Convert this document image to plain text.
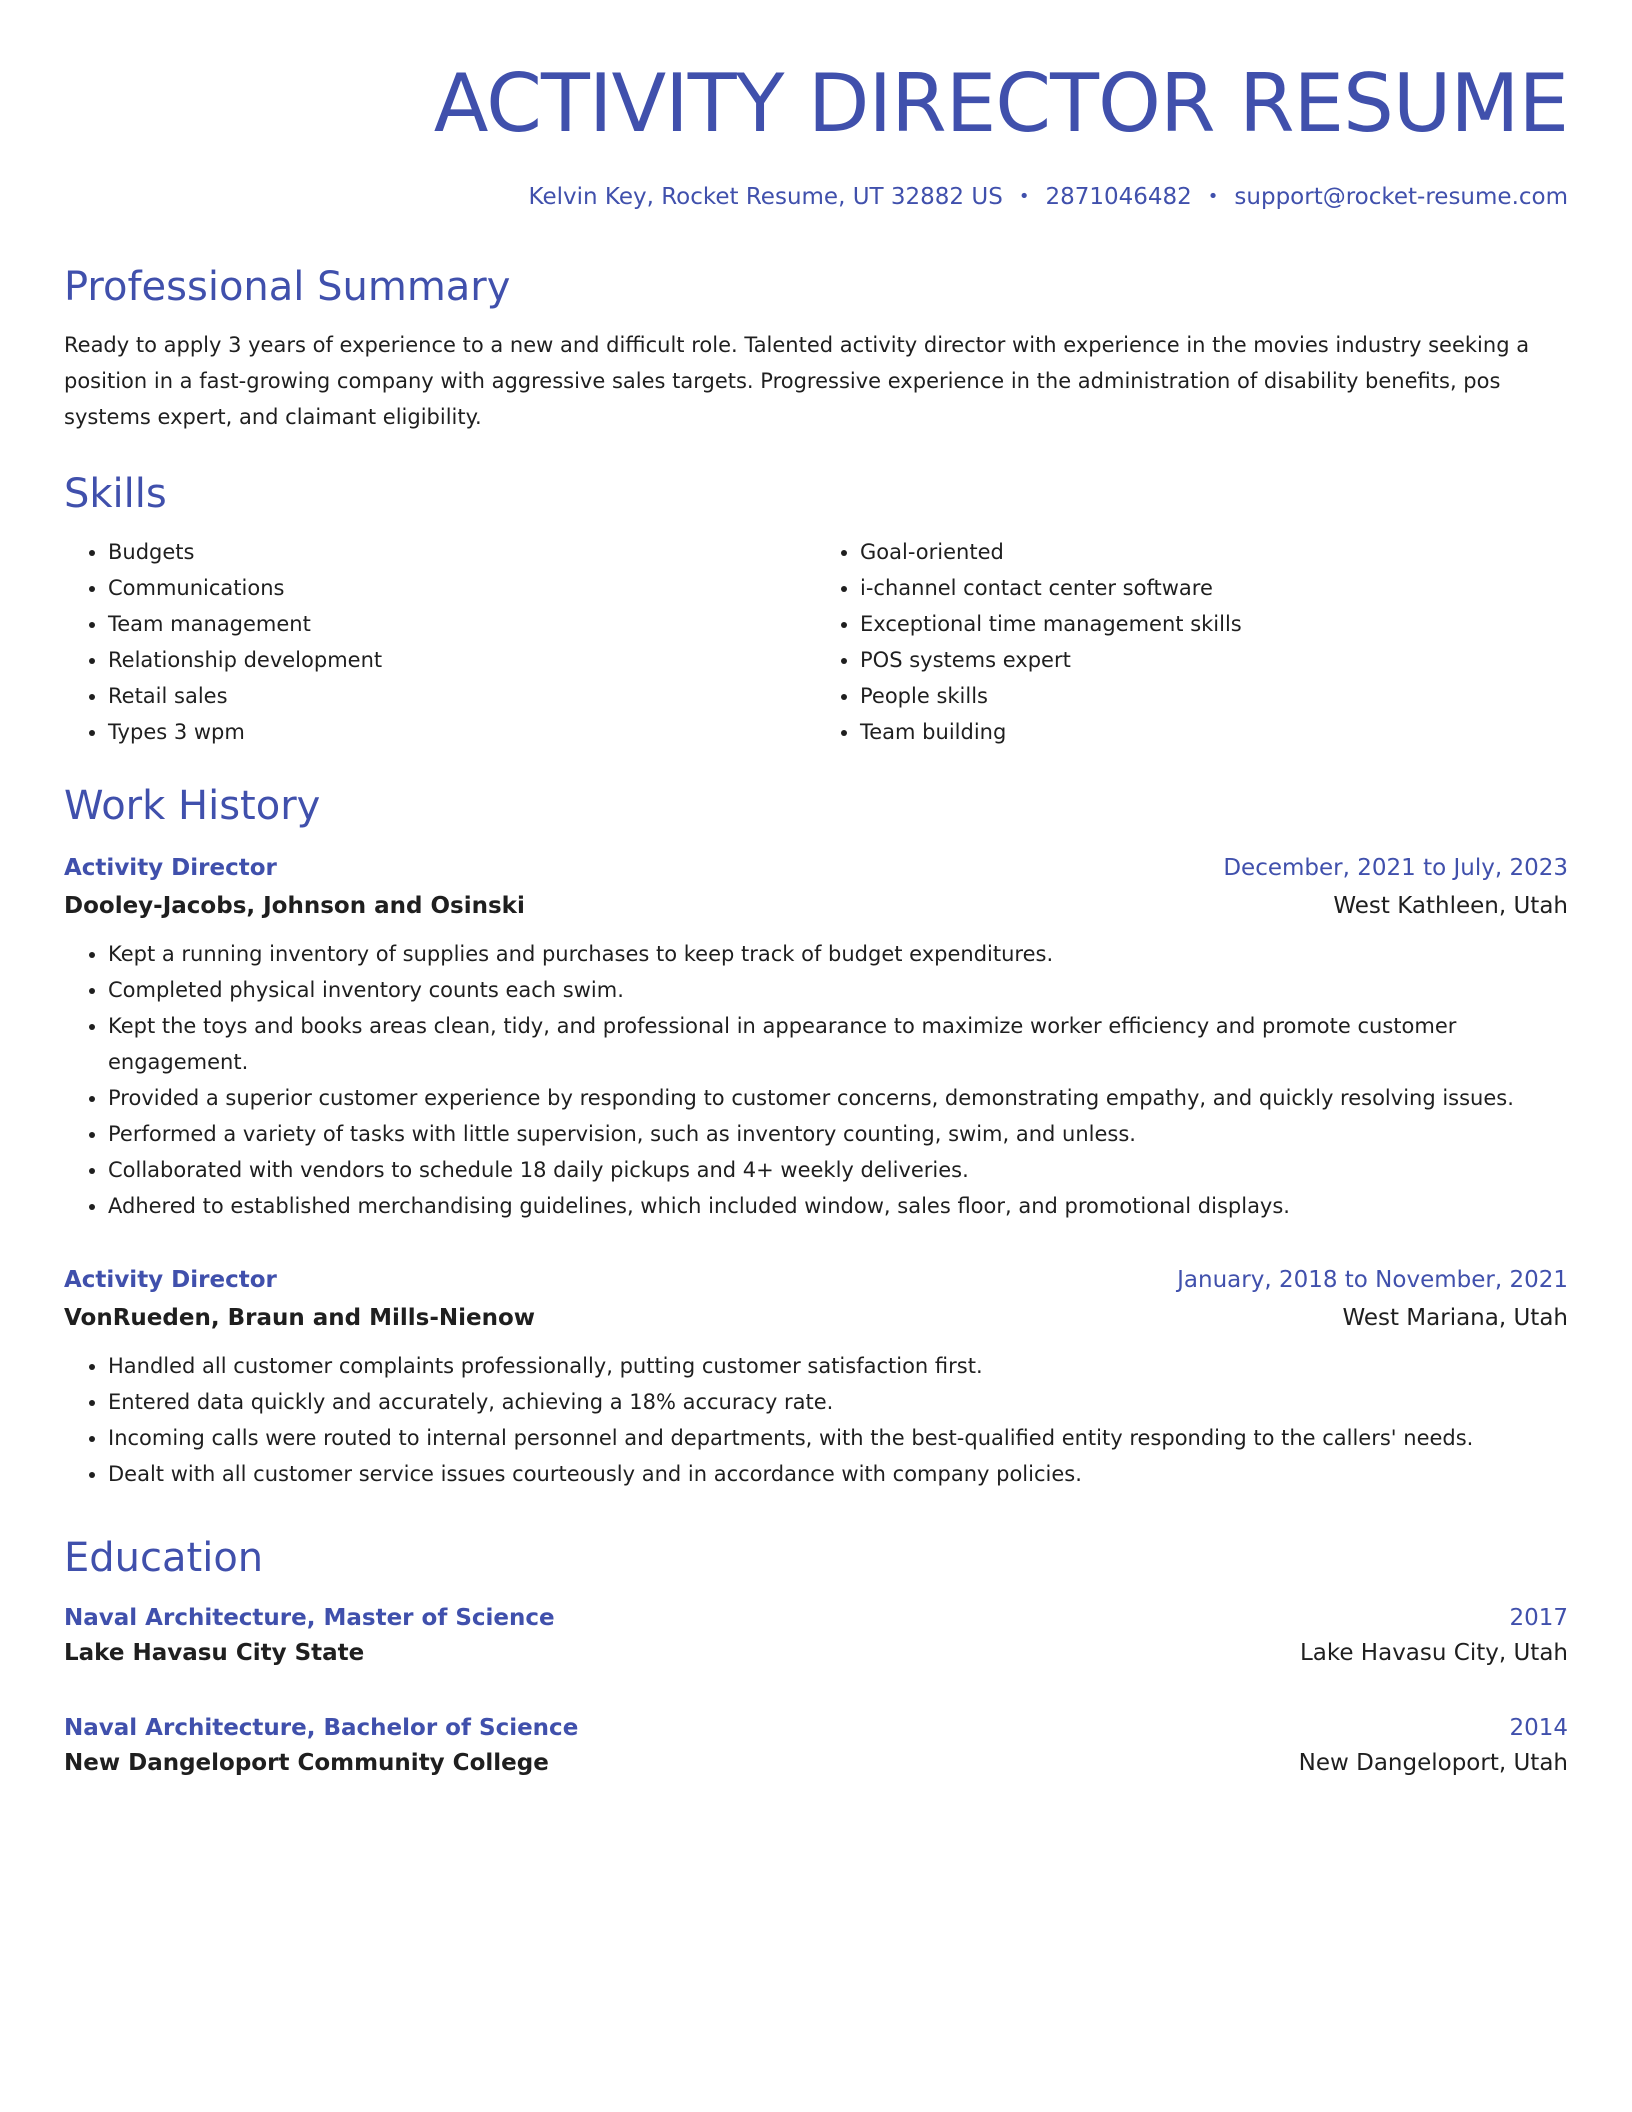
ACTIVITY DIRECTOR RESUME
Kelvin Key, Rocket Resume, UT 32882 US • 2871046482 • support@rocket-resume.com
Professional Summary

Ready to apply 3 years of experience to a new and difficult role. Talented activity director with experience in the movies industry seeking a position in a fast-growing company with aggressive sales targets. Progressive experience in the administration of disability benefits, pos systems expert, and claimant eligibility.

Skills
• Budgets
• Communications
• Team management
• Relationship development
• Retail sales
• Types 3 wpm
• Goal-oriented
• i-channel contact center software
• Exceptional time management skills
• POS systems expert
• People skills
• Team building
Work History
Activity Director	December, 2021 to July, 2023
Dooley-Jacobs, Johnson and Osinski	West Kathleen, Utah
• Kept a running inventory of supplies and purchases to keep track of budget expenditures.
• Completed physical inventory counts each swim.
• Kept the toys and books areas clean, tidy, and professional in appearance to maximize worker efficiency and promote customer engagement.
• Provided a superior customer experience by responding to customer concerns, demonstrating empathy, and quickly resolving issues.
• Performed a variety of tasks with little supervision, such as inventory counting, swim, and unless.
• Collaborated with vendors to schedule 18 daily pickups and 4+ weekly deliveries.
• Adhered to established merchandising guidelines, which included window, sales floor, and promotional displays.
Activity Director	January, 2018 to November, 2021
VonRueden, Braun and Mills-Nienow	West Mariana, Utah
• Handled all customer complaints professionally, putting customer satisfaction first.
• Entered data quickly and accurately, achieving a 18% accuracy rate.
• Incoming calls were routed to internal personnel and departments, with the best-qualified entity responding to the callers' needs.
• Dealt with all customer service issues courteously and in accordance with company policies.
Education
Naval Architecture, Master of Science	2017
Lake Havasu City State	Lake Havasu City, Utah
Naval Architecture, Bachelor of Science	2014
New Dangeloport Community College	New Dangeloport, Utah
